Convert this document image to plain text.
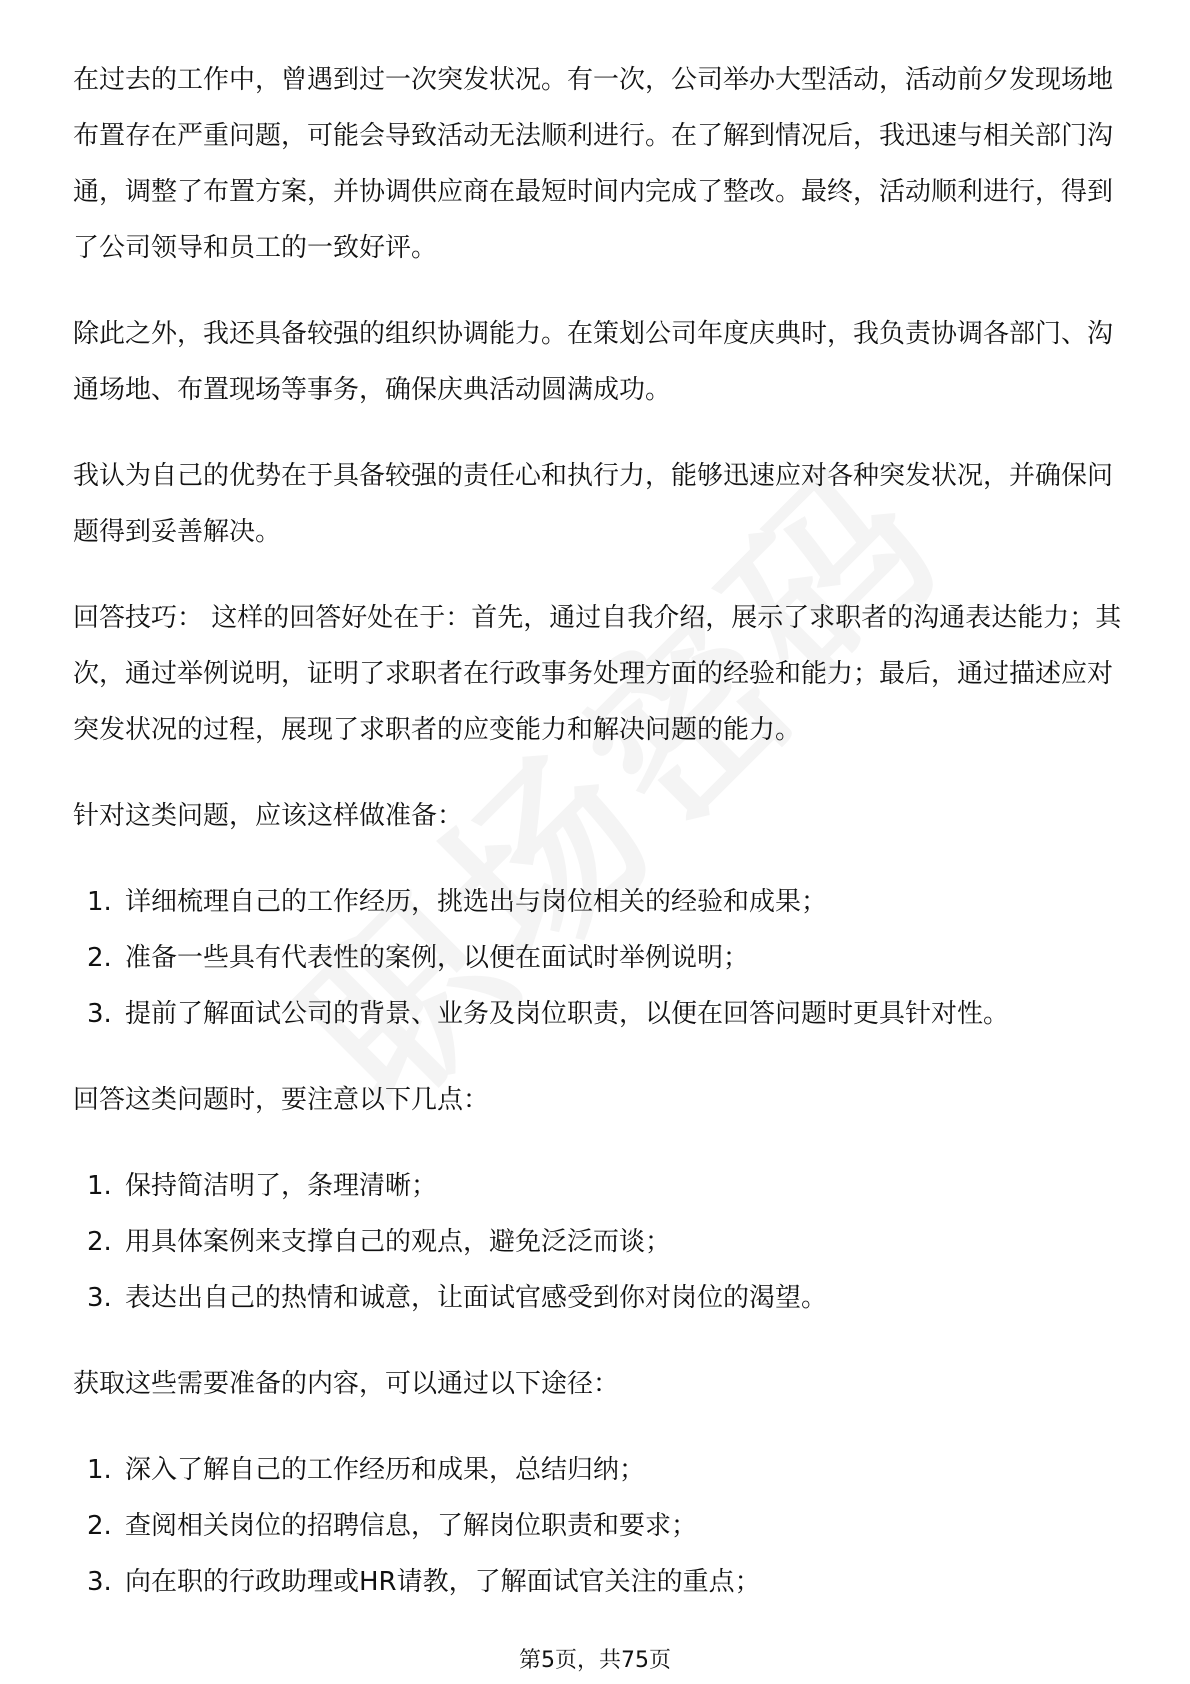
在过去的工作中，曾遇到过一次突发状况。有一次，公司举办大型活动，活动前夕发现场地布置存在严重问题，可能会导致活动无法顺利进行。在了解到情况后，我迅速与相关部门沟通，调整了布置方案，并协调供应商在最短时间内完成了整改。最终，活动顺利进行，得到了公司领导和员工的一致好评。

除此之外，我还具备较强的组织协调能力。在策划公司年度庆典时，我负责协调各部门、沟通场地、布置现场等事务，确保庆典活动圆满成功。

我认为自己的优势在于具备较强的责任心和执行力，能够迅速应对各种突发状况，并确保问题得到妥善解决。

回答技巧： 这样的回答好处在于：首先，通过自我介绍，展示了求职者的沟通表达能力；其次，通过举例说明，证明了求职者在行政事务处理方面的经验和能力；最后，通过描述应对突发状况的过程，展现了求职者的应变能力和解决问题的能力。

针对这类问题，应该这样做准备：

1. 详细梳理自己的工作经历，挑选出与岗位相关的经验和成果；
2. 准备一些具有代表性的案例，以便在面试时举例说明；
3. 提前了解面试公司的背景、业务及岗位职责，以便在回答问题时更具针对性。

回答这类问题时，要注意以下几点：

1. 保持简洁明了，条理清晰；
2. 用具体案例来支撑自己的观点，避免泛泛而谈；
3. 表达出自己的热情和诚意，让面试官感受到你对岗位的渴望。

获取这些需要准备的内容，可以通过以下途径：

1. 深入了解自己的工作经历和成果，总结归纳；
2. 查阅相关岗位的招聘信息，了解岗位职责和要求；
3. 向在职的行政助理或HR请教，了解面试官关注的重点；
第5页，共75页
